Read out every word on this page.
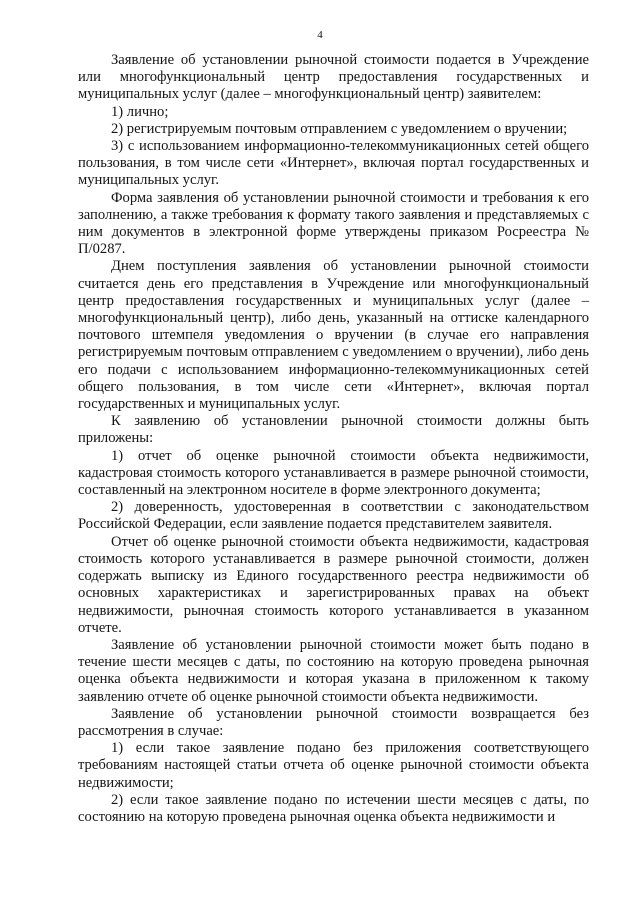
4

Заявление об установлении рыночной стоимости подается в Учреждение или многофункциональный центр предоставления государственных и муниципальных услуг (далее – многофункциональный центр) заявителем:

1) лично;

2) регистрируемым почтовым отправлением с уведомлением о вручении;

3) с использованием информационно-телекоммуникационных сетей общего пользования, в том числе сети «Интернет», включая портал государственных и муниципальных услуг.

Форма заявления об установлении рыночной стоимости и требования к его заполнению, а также требования к формату такого заявления и представляемых с ним документов в электронной форме утверждены приказом Росреестра № П/0287.

Днем поступления заявления об установлении рыночной стоимости считается день его представления в Учреждение или многофункциональный центр предоставления государственных и муниципальных услуг (далее – многофункциональный центр), либо день, указанный на оттиске календарного почтового штемпеля уведомления о вручении (в случае его направления регистрируемым почтовым отправлением с уведомлением о вручении), либо день его подачи с использованием информационно-телекоммуникационных сетей общего пользования, в том числе сети «Интернет», включая портал государственных и муниципальных услуг.

К заявлению об установлении рыночной стоимости должны быть приложены:

1) отчет об оценке рыночной стоимости объекта недвижимости, кадастровая стоимость которого устанавливается в размере рыночной стоимости, составленный на электронном носителе в форме электронного документа;

2) доверенность, удостоверенная в соответствии с законодательством Российской Федерации, если заявление подается представителем заявителя.

Отчет об оценке рыночной стоимости объекта недвижимости, кадастровая стоимость которого устанавливается в размере рыночной стоимости, должен содержать выписку из Единого государственного реестра недвижимости об основных характеристиках и зарегистрированных правах на объект недвижимости, рыночная стоимость которого устанавливается в указанном отчете.

Заявление об установлении рыночной стоимости может быть подано в течение шести месяцев с даты, по состоянию на которую проведена рыночная оценка объекта недвижимости и которая указана в приложенном к такому заявлению отчете об оценке рыночной стоимости объекта недвижимости.

Заявление об установлении рыночной стоимости возвращается без рассмотрения в случае:

1) если такое заявление подано без приложения соответствующего требованиям настоящей статьи отчета об оценке рыночной стоимости объекта недвижимости;

2) если такое заявление подано по истечении шести месяцев с даты, по состоянию на которую проведена рыночная оценка объекта недвижимости и
